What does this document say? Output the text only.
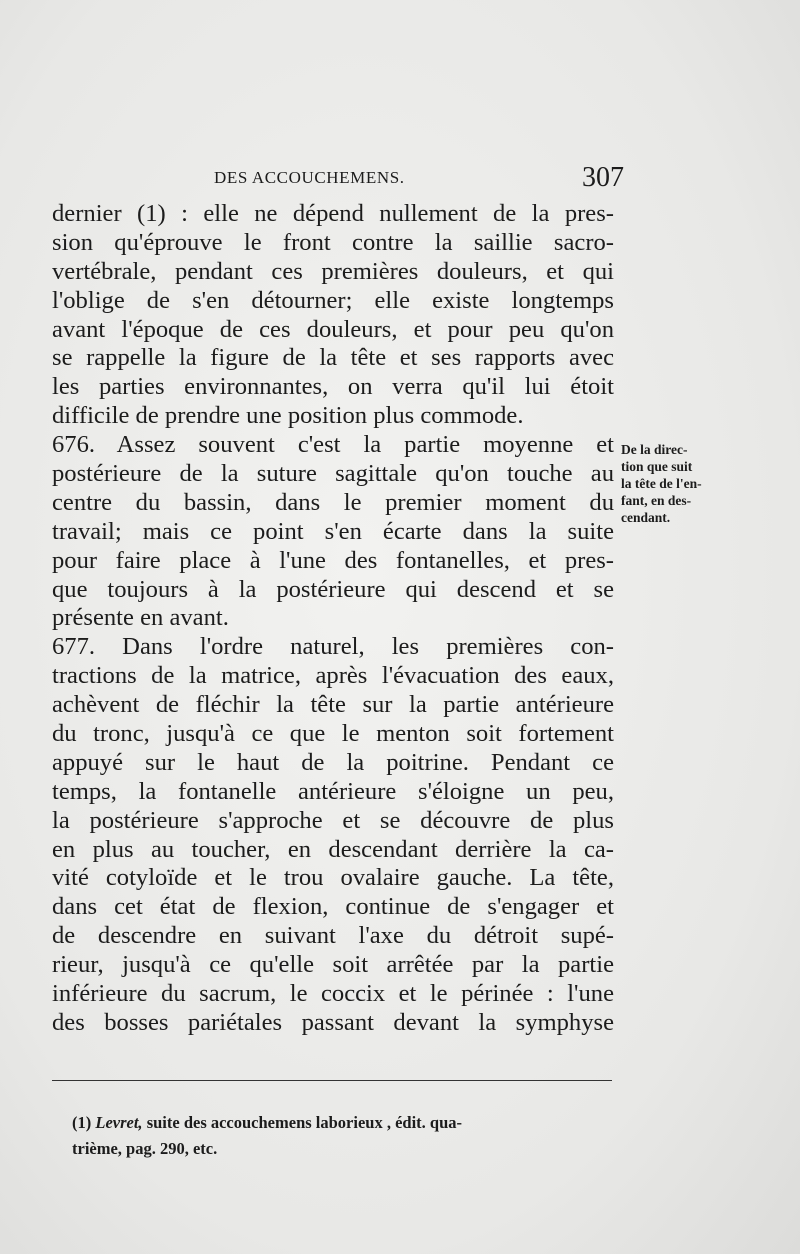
DES ACCOUCHEMENS.	307
dernier (1) : elle ne dépend nullement de la pres-
sion qu'éprouve le front contre la saillie sacro-
vertébrale, pendant ces premières douleurs, et qui
l'oblige de s'en détourner; elle existe longtemps
avant l'époque de ces douleurs, et pour peu qu'on
se rappelle la figure de la tête et ses rapports avec
les parties environnantes, on verra qu'il lui étoit
difficile de prendre une position plus commode.
676. Assez souvent c'est la partie moyenne et
postérieure de la suture sagittale qu'on touche au
centre du bassin, dans le premier moment du
travail; mais ce point s'en écarte dans la suite
pour faire place à l'une des fontanelles, et pres-
que toujours à la postérieure qui descend et se
présente en avant.
677. Dans l'ordre naturel, les premières con-
tractions de la matrice, après l'évacuation des eaux,
achèvent de fléchir la tête sur la partie antérieure
du tronc, jusqu'à ce que le menton soit fortement
appuyé sur le haut de la poitrine. Pendant ce
temps, la fontanelle antérieure s'éloigne un peu,
la postérieure s'approche et se découvre de plus
en plus au toucher, en descendant derrière la ca-
vité cotyloïde et le trou ovalaire gauche. La tête,
dans cet état de flexion, continue de s'engager et
de descendre en suivant l'axe du détroit supé-
rieur, jusqu'à ce qu'elle soit arrêtée par la partie
inférieure du sacrum, le coccix et le périnée : l'une
des bosses pariétales passant devant la symphyse
De la direc-
tion que suit
la tête de l'en-
fant, en des-
cendant.
(1) Levret, suite des accouchemens laborieux , édit. qua-
trième, pag. 290, etc.
